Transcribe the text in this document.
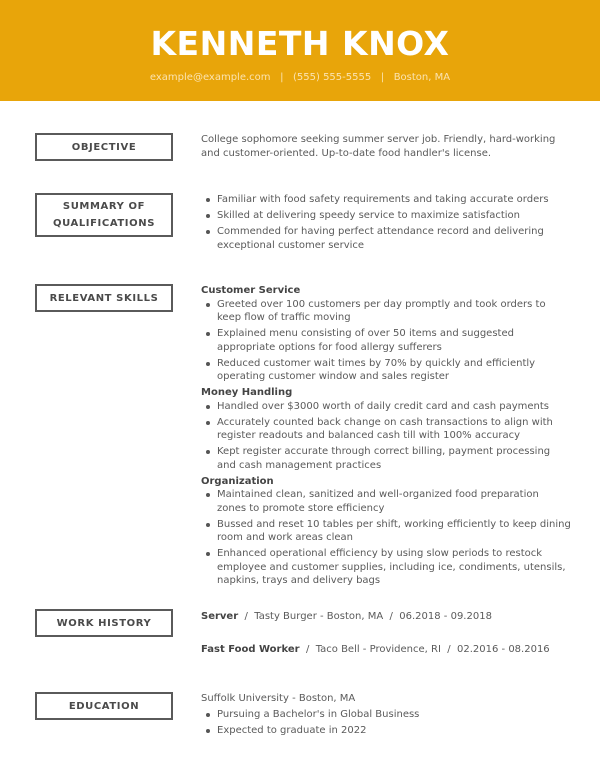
KENNETH KNOX
example@example.com | (555) 555-5555 | Boston, MA
OBJECTIVE
College sophomore seeking summer server job. Friendly, hard-working and customer-oriented. Up-to-date food handler's license.
SUMMARY OF
QUALIFICATIONS
Familiar with food safety requirements and taking accurate orders
Skilled at delivering speedy service to maximize satisfaction
Commended for having perfect attendance record and delivering exceptional customer service
RELEVANT SKILLS
Customer Service
Greeted over 100 customers per day promptly and took orders to keep flow of traffic moving
Explained menu consisting of over 50 items and suggested appropriate options for food allergy sufferers
Reduced customer wait times by 70% by quickly and efficiently operating customer window and sales register
Money Handling
Handled over $3000 worth of daily credit card and cash payments
Accurately counted back change on cash transactions to align with register readouts and balanced cash till with 100% accuracy
Kept register accurate through correct billing, payment processing and cash management practices
Organization
Maintained clean, sanitized and well-organized food preparation zones to promote store efficiency
Bussed and reset 10 tables per shift, working efficiently to keep dining room and work areas clean
Enhanced operational efficiency by using slow periods to restock employee and customer supplies, including ice, condiments, utensils, napkins, trays and delivery bags
WORK HISTORY
Server / Tasty Burger - Boston, MA / 06.2018 - 09.2018
Fast Food Worker / Taco Bell - Providence, RI / 02.2016 - 08.2016
EDUCATION
Suffolk University - Boston, MA
Pursuing a Bachelor's in Global Business
Expected to graduate in 2022
